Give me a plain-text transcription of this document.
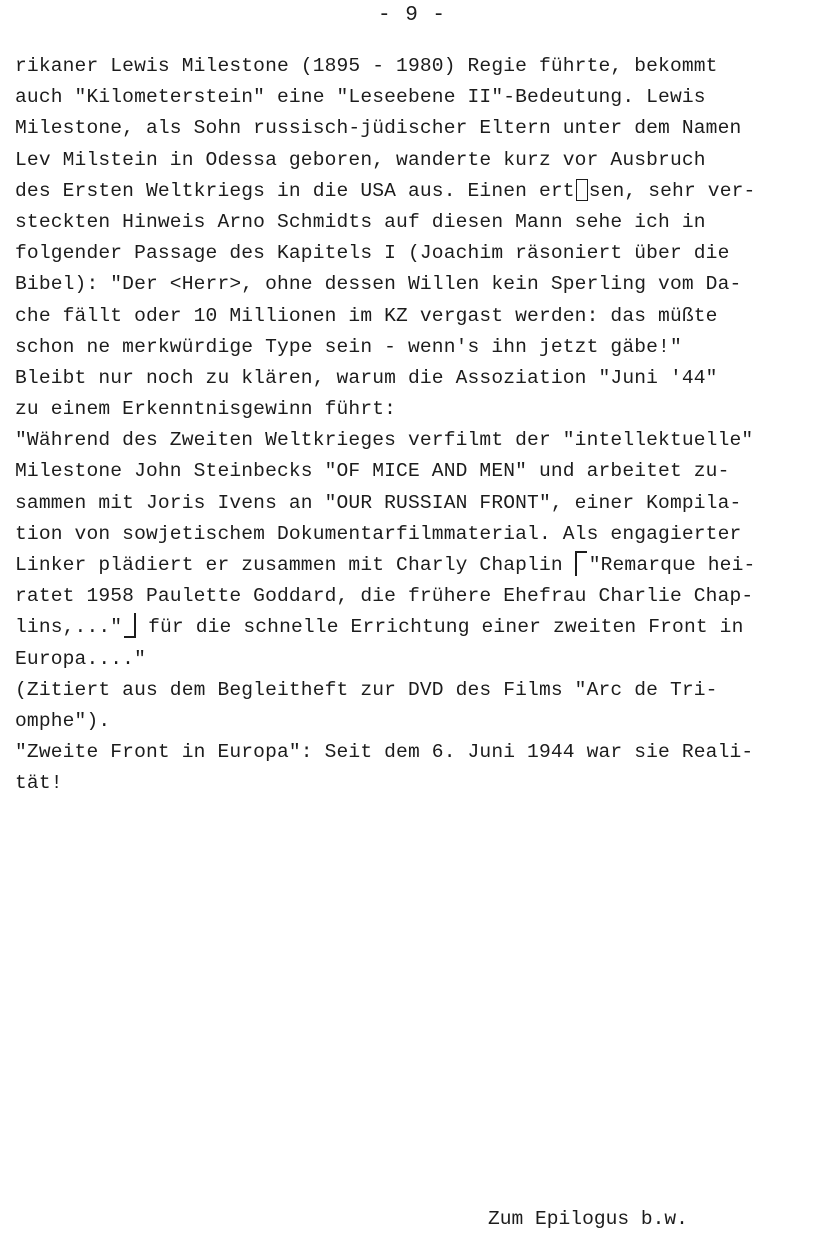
- 9 -
rikaner Lewis Milestone (1895 - 1980) Regie führte, bekommt
auch "Kilometerstein" eine "Leseebene II"-Bedeutung. Lewis
Milestone, als Sohn russisch-jüdischer Eltern unter dem Namen
Lev Milstein in Odessa geboren, wanderte kurz vor Ausbruch
des Ersten Weltkriegs in die USA aus. Einen ert sen, sehr ver-
steckten Hinweis Arno Schmidts auf diesen Mann sehe ich in
folgender Passage des Kapitels I (Joachim räsoniert über die
Bibel): "Der <Herr>, ohne dessen Willen kein Sperling vom Da-
che fällt oder 10 Millionen im KZ vergast werden: das müßte
schon ne merkwürdige Type sein - wenn's ihn jetzt gäbe!"
Bleibt nur noch zu klären, warum die Assoziation "Juni '44"
zu einem Erkenntnisgewinn führt:
"Während des Zweiten Weltkrieges verfilmt der "intellektuelle"
Milestone John Steinbecks "OF MICE AND MEN" und arbeitet zu-
sammen mit Joris Ivens an "OUR RUSSIAN FRONT", einer Kompila-
tion von sowjetischem Dokumentarfilmmaterial. Als engagierter
Linker plädiert er zusammen mit Charly Chaplin "Remarque hei-
ratet 1958 Paulette Goddard, die frühere Ehefrau Charlie Chap-
lins,..." für die schnelle Errichtung einer zweiten Front in
Europa...."
(Zitiert aus dem Begleitheft zur DVD des Films "Arc de Tri-
omphe").
"Zweite Front in Europa": Seit dem 6. Juni 1944 war sie Reali-
tät!
Zum Epilogus b.w.
